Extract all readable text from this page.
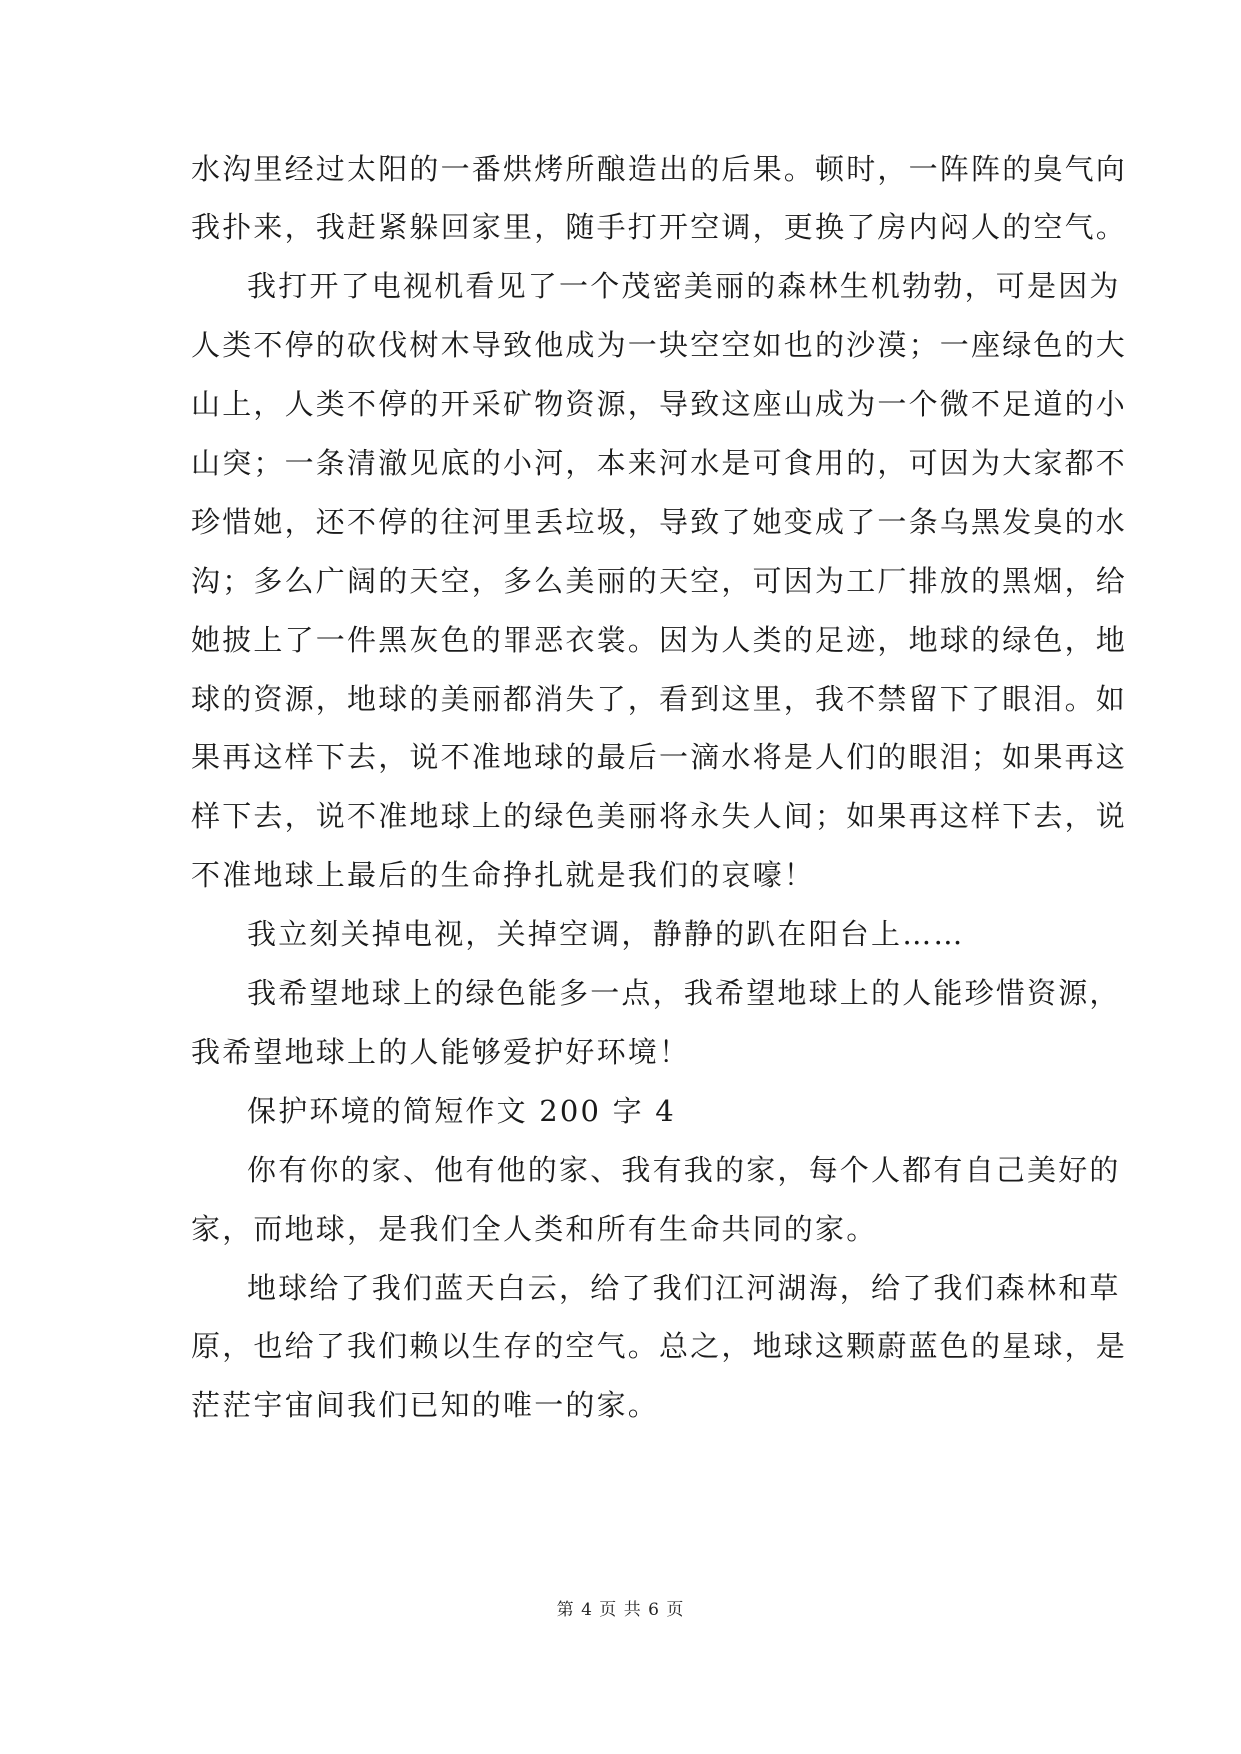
水沟里经过太阳的一番烘烤所酿造出的后果。顿时，一阵阵的臭气向
我扑来，我赶紧躲回家里，随手打开空调，更换了房内闷人的空气。
我打开了电视机看见了一个茂密美丽的森林生机勃勃，可是因为
人类不停的砍伐树木导致他成为一块空空如也的沙漠；一座绿色的大
山上，人类不停的开采矿物资源，导致这座山成为一个微不足道的小
山突；一条清澈见底的小河，本来河水是可食用的，可因为大家都不
珍惜她，还不停的往河里丢垃圾，导致了她变成了一条乌黑发臭的水
沟；多么广阔的天空，多么美丽的天空，可因为工厂排放的黑烟，给
她披上了一件黑灰色的罪恶衣裳。因为人类的足迹，地球的绿色，地
球的资源，地球的美丽都消失了，看到这里，我不禁留下了眼泪。如
果再这样下去，说不准地球的最后一滴水将是人们的眼泪；如果再这
样下去，说不准地球上的绿色美丽将永失人间；如果再这样下去，说
不准地球上最后的生命挣扎就是我们的哀嚎！
我立刻关掉电视，关掉空调，静静的趴在阳台上……
我希望地球上的绿色能多一点，我希望地球上的人能珍惜资源，
我希望地球上的人能够爱护好环境！
保护环境的简短作文 200 字 4
你有你的家、他有他的家、我有我的家，每个人都有自己美好的
家，而地球，是我们全人类和所有生命共同的家。
地球给了我们蓝天白云，给了我们江河湖海，给了我们森林和草
原，也给了我们赖以生存的空气。总之，地球这颗蔚蓝色的星球，是
茫茫宇宙间我们已知的唯一的家。
第 4 页 共 6 页
